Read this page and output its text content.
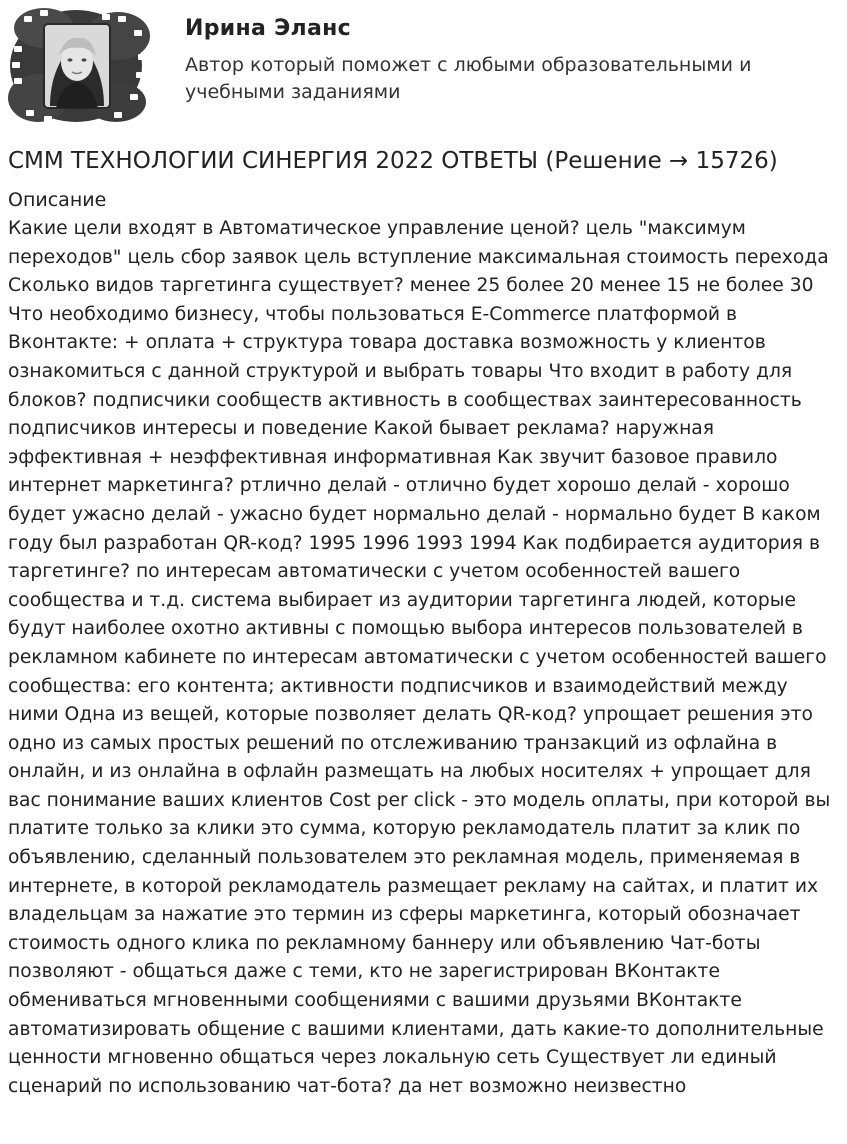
Ирина Эланс

Автор который поможет с любыми образовательными и учебными заданиями

СММ ТЕХНОЛОГИИ СИНЕРГИЯ 2022 ОТВЕТЫ (Решение → 15726)
Описание

Какие цели входят в Автоматическое управление ценой? цель "максимум переходов" цель сбор заявок цель вступление максимальная стоимость перехода Сколько видов таргетинга существует? менее 25 более 20 менее 15 не более 30 Что необходимо бизнесу, чтобы пользоваться E-Commerce платформой в Вконтакте: + оплата + структура товара доставка возможность у клиентов ознакомиться с данной структурой и выбрать товары Что входит в работу для блоков? подписчики сообществ активность в сообществах заинтересованность подписчиков интересы и поведение Какой бывает реклама? наружная эффективная + неэффективная информативная Как звучит базовое правило интернет маркетинга? ртлично делай - отлично будет хорошо делай - хорошо будет ужасно делай - ужасно будет нормально делай - нормально будет В каком году был разработан QR-код? 1995 1996 1993 1994 Как подбирается аудитория в таргетинге? по интересам автоматически с учетом особенностей вашего сообщества и т.д. система выбирает из аудитории таргетинга людей, которые будут наиболее охотно активны с помощью выбора интересов пользователей в рекламном кабинете по интересам автоматически с учетом особенностей вашего сообщества: его контента; активности подписчиков и взаимодействий между ними Одна из вещей, которые позволяет делать QR-код? упрощает решения это одно из самых простых решений по отслеживанию транзакций из офлайна в онлайн, и из онлайна в офлайн размещать на любых носителях + упрощает для вас понимание ваших клиентов Cost per click - это модель оплаты, при которой вы платите только за клики это сумма, которую рекламодатель платит за клик по объявлению, сделанный пользователем это рекламная модель, применяемая в интернете, в которой рекламодатель размещает рекламу на сайтах, и платит их владельцам за нажатие это термин из сферы маркетинга, который обозначает стоимость одного клика по рекламному баннеру или объявлению Чат-боты позволяют - общаться даже с теми, кто не зарегистрирован ВКонтакте обмениваться мгновенными сообщениями с вашими друзьями ВКонтакте автоматизировать общение с вашими клиентами, дать какие-то дополнительные ценности мгновенно общаться через локальную сеть Существует ли единый сценарий по использованию чат-бота? да нет возможно неизвестно
